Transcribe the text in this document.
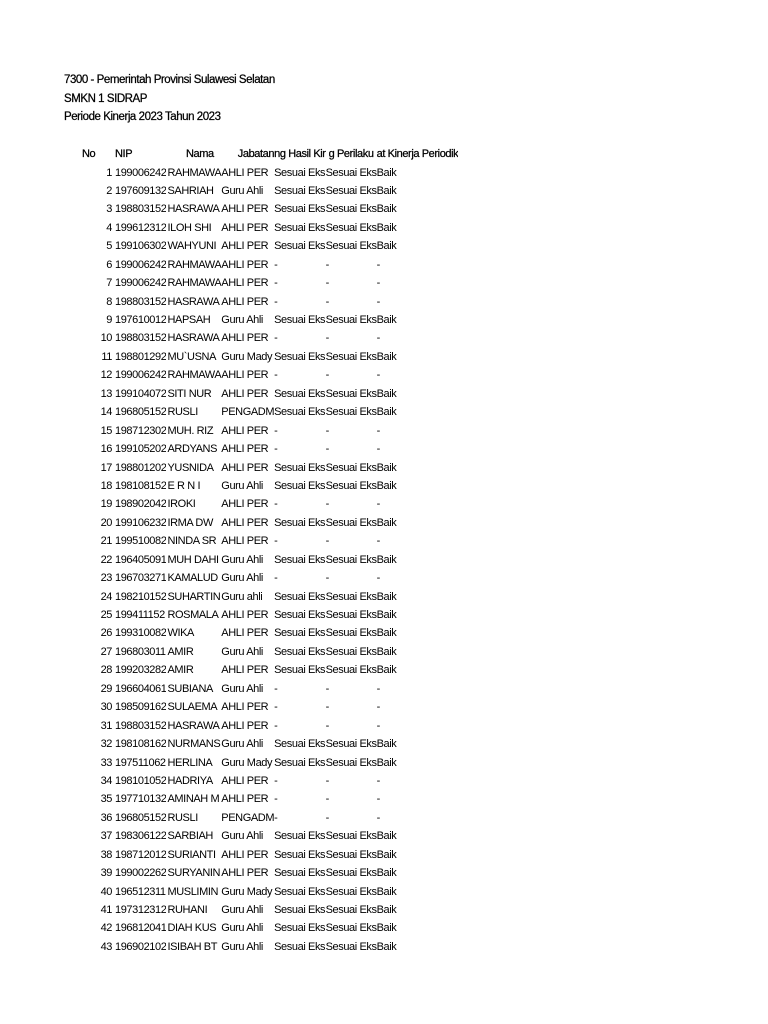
7300 - Pemerintah Provinsi Sulawesi Selatan
SMKN 1 SIDRAP
Periode Kinerja 2023 Tahun 2023
No	NIP	Nama	Jabatan	ng Hasil Kir	g Perilaku	at Kinerja Periodik
1	199006242	RAHMAWA	AHLI PER	Sesuai Eks	Sesuai Eks	Baik
2	197609132	SAHRIAH	Guru Ahli	Sesuai Eks	Sesuai Eks	Baik
3	198803152	HASRAWA	AHLI PER	Sesuai Eks	Sesuai Eks	Baik
4	199612312	ILOH SHI	AHLI PER	Sesuai Eks	Sesuai Eks	Baik
5	199106302	WAHYUNI	AHLI PER	Sesuai Eks	Sesuai Eks	Baik
6	199006242	RAHMAWA	AHLI PER	-	-	-
7	199006242	RAHMAWA	AHLI PER	-	-	-
8	198803152	HASRAWA	AHLI PER	-	-	-
9	197610012	HAPSAH	Guru Ahli	Sesuai Eks	Sesuai Eks	Baik
10	198803152	HASRAWA	AHLI PER	-	-	-
11	198801292	MU`USNA	Guru Mady	Sesuai Eks	Sesuai Eks	Baik
12	199006242	RAHMAWA	AHLI PER	-	-	-
13	199104072	SITI NUR	AHLI PER	Sesuai Eks	Sesuai Eks	Baik
14	196805152	RUSLI	PENGADM	Sesuai Eks	Sesuai Eks	Baik
15	198712302	MUH. RIZ	AHLI PER	-	-	-
16	199105202	ARDYANS	AHLI PER	-	-	-
17	198801202	YUSNIDA	AHLI PER	Sesuai Eks	Sesuai Eks	Baik
18	198108152	E R N I	Guru Ahli	Sesuai Eks	Sesuai Eks	Baik
19	198902042	IROKI	AHLI PER	-	-	-
20	199106232	IRMA DW	AHLI PER	Sesuai Eks	Sesuai Eks	Baik
21	199510082	NINDA SR	AHLI PER	-	-	-
22	196405091	MUH DAHI	Guru Ahli	Sesuai Eks	Sesuai Eks	Baik
23	196703271	KAMALUD	Guru Ahli	-	-	-
24	198210152	SUHARTIN	Guru ahli	Sesuai Eks	Sesuai Eks	Baik
25	199411152	ROSMALA	AHLI PER	Sesuai Eks	Sesuai Eks	Baik
26	199310082	WIKA	AHLI PER	Sesuai Eks	Sesuai Eks	Baik
27	196803011	AMIR	Guru Ahli	Sesuai Eks	Sesuai Eks	Baik
28	199203282	AMIR	AHLI PER	Sesuai Eks	Sesuai Eks	Baik
29	196604061	SUBIANA	Guru Ahli	-	-	-
30	198509162	SULAEMA	AHLI PER	-	-	-
31	198803152	HASRAWA	AHLI PER	-	-	-
32	198108162	NURMANS	Guru Ahli	Sesuai Eks	Sesuai Eks	Baik
33	197511062	HERLINA	Guru Mady	Sesuai Eks	Sesuai Eks	Baik
34	198101052	HADRIYA	AHLI PER	-	-	-
35	197710132	AMINAH M	AHLI PER	-	-	-
36	196805152	RUSLI	PENGADM	-	-	-
37	198306122	SARBIAH	Guru Ahli	Sesuai Eks	Sesuai Eks	Baik
38	198712012	SURIANTI	AHLI PER	Sesuai Eks	Sesuai Eks	Baik
39	199002262	SURYANIN	AHLI PER	Sesuai Eks	Sesuai Eks	Baik
40	196512311	MUSLIMIN	Guru Mady	Sesuai Eks	Sesuai Eks	Baik
41	197312312	RUHANI	Guru Ahli	Sesuai Eks	Sesuai Eks	Baik
42	196812041	DIAH KUS	Guru Ahli	Sesuai Eks	Sesuai Eks	Baik
43	196902102	ISIBAH BT	Guru Ahli	Sesuai Eks	Sesuai Eks	Baik
